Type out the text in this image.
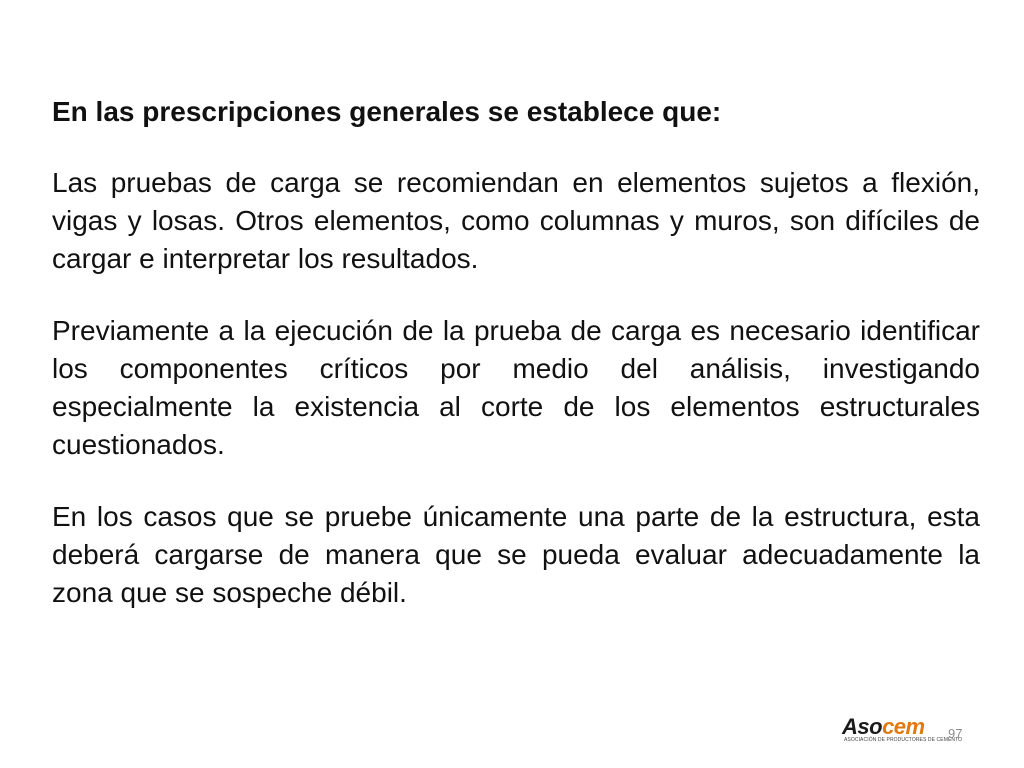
En las prescripciones generales se establece que:

Las pruebas de carga se recomiendan en elementos sujetos a flexión, vigas y losas. Otros elementos, como columnas y muros, son difíciles de cargar e interpretar los resultados.

Previamente a la ejecución de la prueba de carga es necesario identificar los componentes críticos por medio del análisis, investigando especialmente la existencia al corte de los elementos estructurales cuestionados.

En los casos que se pruebe únicamente una parte de la estructura, esta deberá cargarse de manera que se pueda evaluar adecuadamente la zona que se sospeche débil.

Asocem
ASOCIACIÓN DE PRODUCTORES DE CEMENTO
97
